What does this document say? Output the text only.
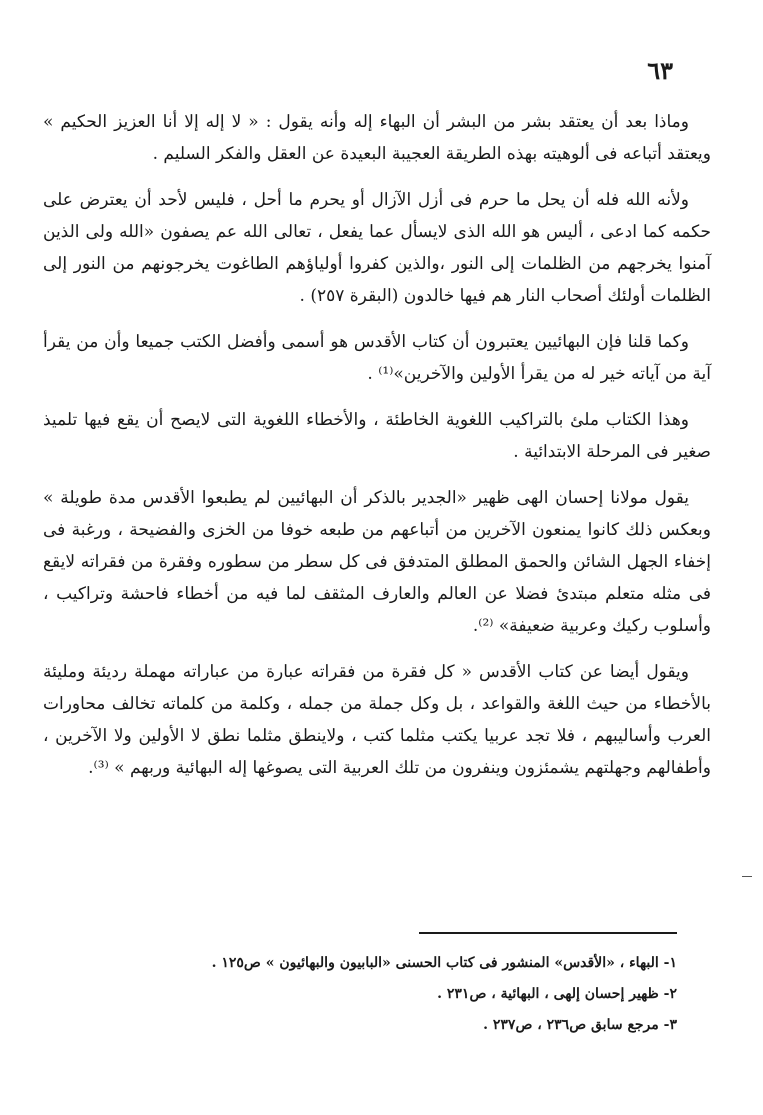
٦٣

وماذا بعد أن يعتقد بشر من البشر أن البهاء إله وأنه يقول : « لا إله إلا أنا العزيز الحكيم » ويعتقد أتباعه فى ألوهيته بهذه الطريقة العجيبة البعيدة عن العقل والفكر السليم .

ولأنه الله فله أن يحل ما حرم فى أزل الآزال أو يحرم ما أحل ، فليس لأحد أن يعترض على حكمه كما ادعى ، أليس هو الله الذى لايسأل عما يفعل ، تعالى الله عم يصفون «الله ولى الذين آمنوا يخرجهم من الظلمات إلى النور ،والذين كفروا أولياؤهم الطاغوت يخرجونهم من النور إلى الظلمات أولئك أصحاب النار هم فيها خالدون (البقرة ٢٥٧) .

وكما قلنا فإن البهائيين يعتبرون أن كتاب الأقدس هو أسمى وأفضل الكتب جميعا وأن من يقرأ آية من آياته خير له من يقرأ الأولين والآخرين»⁽¹⁾ .

وهذا الكتاب ملئ بالتراكيب اللغوية الخاطئة ، والأخطاء اللغوية التى لايصح أن يقع فيها تلميذ صغير فى المرحلة الابتدائية .

يقول مولانا إحسان الهى ظهير «الجدير بالذكر أن البهائيين لم يطبعوا الأقدس مدة طويلة » وبعكس ذلك كانوا يمنعون الآخرين من أتباعهم من طبعه خوفا من الخزى والفضيحة ، ورغبة فى إخفاء الجهل الشائن والحمق المطلق المتدفق فى كل سطر من سطوره وفقرة من فقراته لايقع فى مثله متعلم مبتدئ فضلا عن العالم والعارف المثقف لما فيه من أخطاء فاحشة وتراكيب ، وأسلوب ركيك وعربية ضعيفة» ⁽²⁾.

ويقول أيضا عن كتاب الأقدس « كل فقرة من فقراته عبارة من عباراته مهملة رديئة ومليئة بالأخطاء من حيث اللغة والقواعد ، بل وكل جملة من جمله ، وكلمة من كلماته تخالف محاورات العرب وأساليبهم ، فلا تجد عربيا يكتب مثلما كتب ، ولاينطق مثلما نطق لا الأولين ولا الآخرين ، وأطفالهم وجهلتهم يشمئزون وينفرون من تلك العربية التى يصوغها إله البهائية وربهم » ⁽³⁾.

١- البهاء ، «الأقدس» المنشور فى كتاب الحسنى «البابيون والبهائيون » ص١٢٥ .

٢- ظهير إحسان إلهى ، البهائية ، ص٢٣١ .

٣- مرجع سابق ص٢٣٦ ، ص٢٣٧ .
